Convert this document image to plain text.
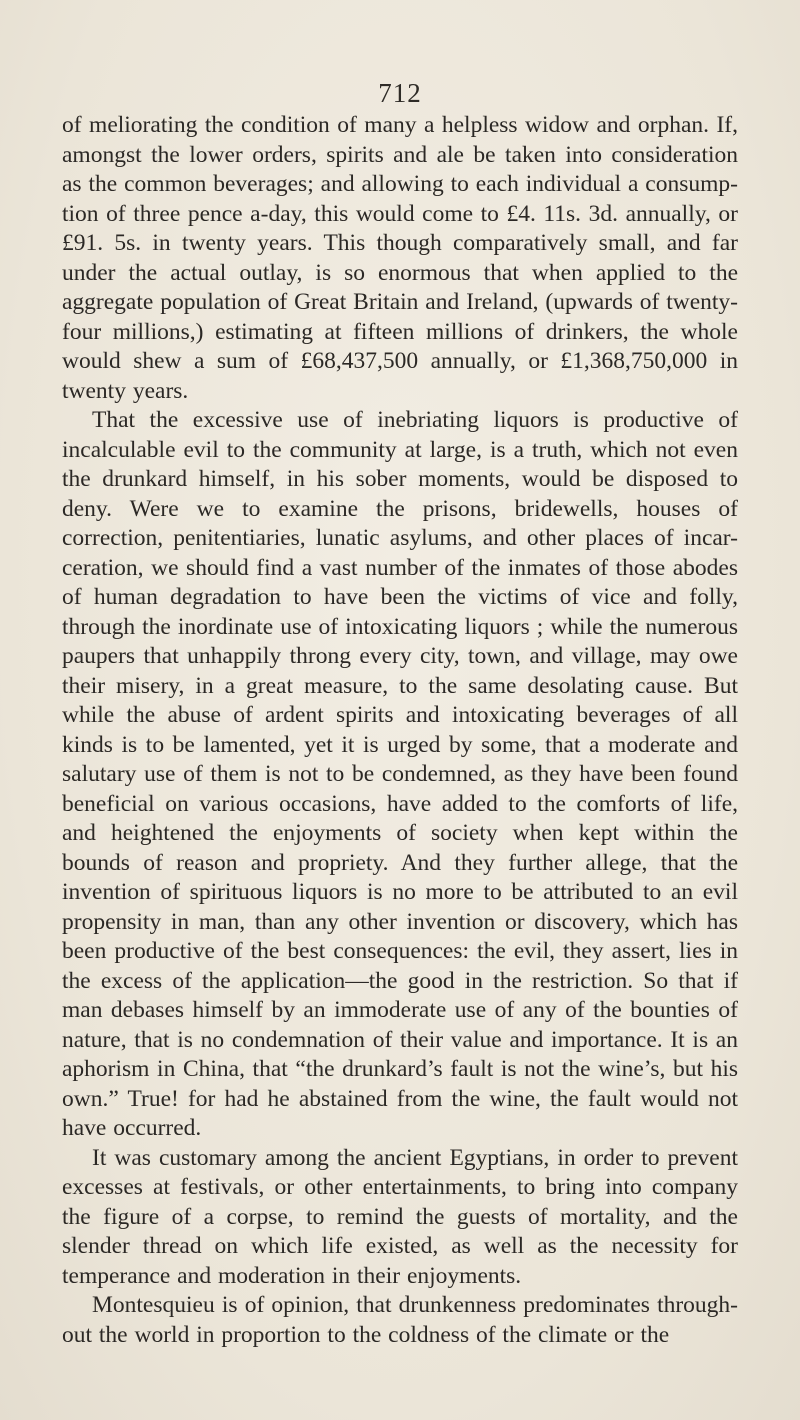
712

of meliorating the condition of many a helpless widow and orphan. If, amongst the lower orders, spirits and ale be taken into consideration as the common beverages; and allowing to each individual a consump-tion of three pence a-day, this would come to £4. 11s. 3d. annually, or £91. 5s. in twenty years. This though comparatively small, and far under the actual outlay, is so enormous that when applied to the aggregate population of Great Britain and Ireland, (upwards of twenty-four millions,) estimating at fifteen millions of drinkers, the whole would shew a sum of £68,437,500 annually, or £1,368,750,000 in twenty years.

That the excessive use of inebriating liquors is productive of incalculable evil to the community at large, is a truth, which not even the drunkard himself, in his sober moments, would be disposed to deny. Were we to examine the prisons, bridewells, houses of correction, penitentiaries, lunatic asylums, and other places of incar-ceration, we should find a vast number of the inmates of those abodes of human degradation to have been the victims of vice and folly, through the inordinate use of intoxicating liquors ; while the numerous paupers that unhappily throng every city, town, and village, may owe their misery, in a great measure, to the same desolating cause. But while the abuse of ardent spirits and intoxicating beverages of all kinds is to be lamented, yet it is urged by some, that a moderate and salutary use of them is not to be condemned, as they have been found beneficial on various occasions, have added to the comforts of life, and heightened the enjoyments of society when kept within the bounds of reason and propriety. And they further allege, that the invention of spirituous liquors is no more to be attributed to an evil propensity in man, than any other invention or discovery, which has been productive of the best consequences: the evil, they assert, lies in the excess of the application—the good in the restriction. So that if man debases himself by an immoderate use of any of the bounties of nature, that is no condemnation of their value and importance. It is an aphorism in China, that “the drunkard’s fault is not the wine’s, but his own.” True! for had he abstained from the wine, the fault would not have occurred.

It was customary among the ancient Egyptians, in order to prevent excesses at festivals, or other entertainments, to bring into company the figure of a corpse, to remind the guests of mortality, and the slender thread on which life existed, as well as the necessity for temperance and moderation in their enjoyments.

Montesquieu is of opinion, that drunkenness predominates through-out the world in proportion to the coldness of the climate or the
